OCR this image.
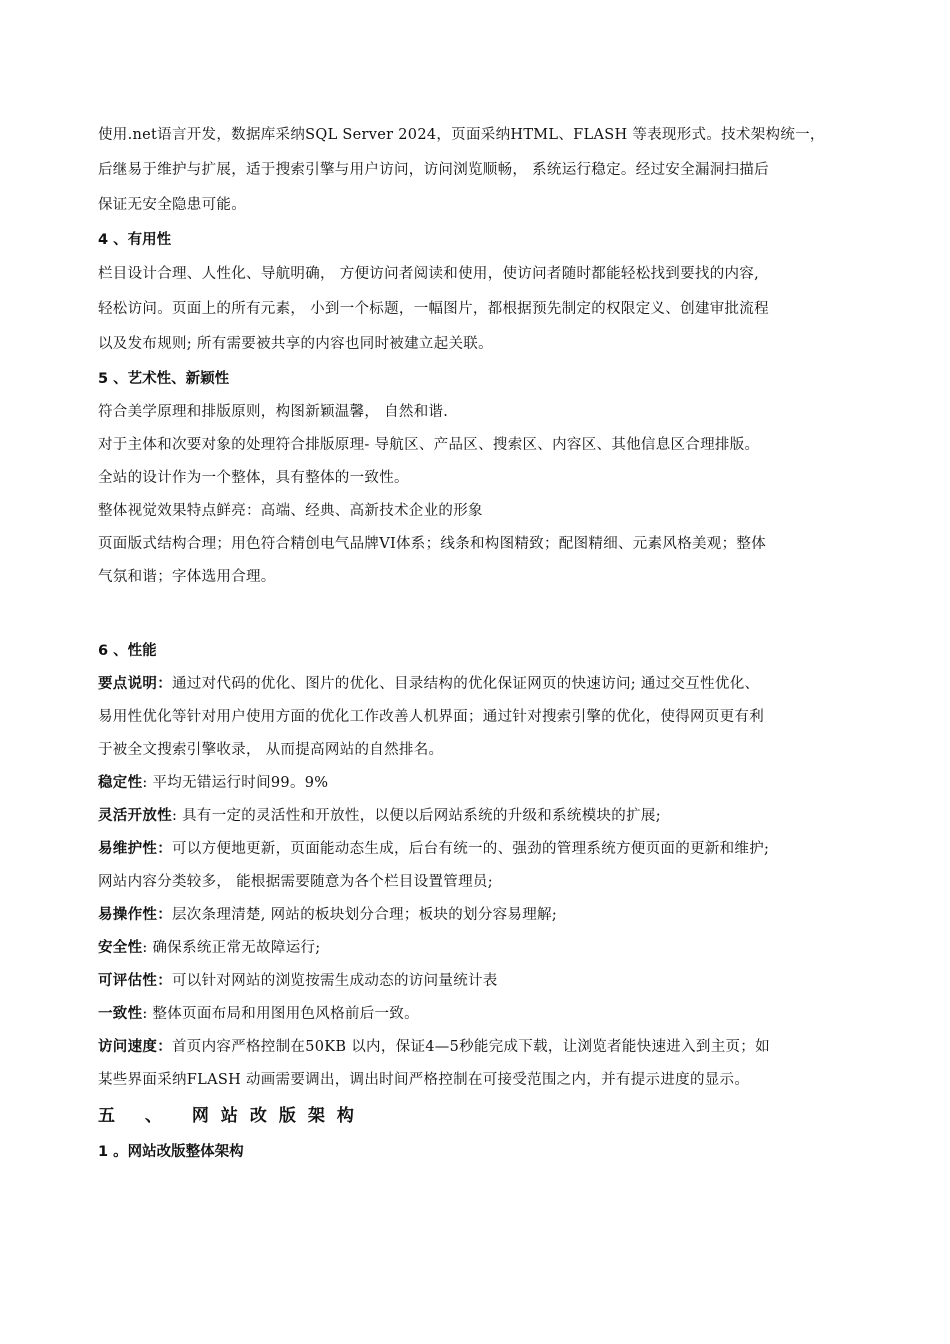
使用.net语言开发，数据库采纳SQL Server 2024，页面采纳HTML、FLASH 等表现形式。技术架构统一，
后继易于维护与扩展，适于搜索引擎与用户访问，访问浏览顺畅， 系统运行稳定。经过安全漏洞扫描后
保证无安全隐患可能。
4 、有用性
栏目设计合理、人性化、导航明确， 方便访问者阅读和使用，使访问者随时都能轻松找到要找的内容,
轻松访问。页面上的所有元素， 小到一个标题，一幅图片，都根据预先制定的权限定义、创建审批流程
以及发布规则; 所有需要被共享的内容也同时被建立起关联。
5 、艺术性、新颖性
符合美学原理和排版原则，构图新颖温馨， 自然和谐.
对于主体和次要对象的处理符合排版原理- 导航区、产品区、搜索区、内容区、其他信息区合理排版。
全站的设计作为一个整体，具有整体的一致性。
整体视觉效果特点鲜亮：高端、经典、高新技术企业的形象
页面版式结构合理；用色符合精创电气品牌VI体系；线条和构图精致；配图精细、元素风格美观；整体
气氛和谐；字体选用合理。
6 、性能
要点说明：通过对代码的优化、图片的优化、目录结构的优化保证网页的快速访问; 通过交互性优化、
易用性优化等针对用户使用方面的优化工作改善人机界面；通过针对搜索引擎的优化，使得网页更有利
于被全文搜索引擎收录， 从而提高网站的自然排名。
稳定性: 平均无错运行时间99。9%
灵活开放性: 具有一定的灵活性和开放性，以便以后网站系统的升级和系统模块的扩展;
易维护性：可以方便地更新，页面能动态生成，后台有统一的、强劲的管理系统方便页面的更新和维护;
网站内容分类较多， 能根据需要随意为各个栏目设置管理员;
易操作性：层次条理清楚, 网站的板块划分合理；板块的划分容易理解;
安全性: 确保系统正常无故障运行;
可评估性：可以针对网站的浏览按需生成动态的访问量统计表
一致性: 整体页面布局和用图用色风格前后一致。
访问速度：首页内容严格控制在50KB 以内，保证4—5秒能完成下载，让浏览者能快速进入到主页；如
某些界面采纳FLASH 动画需要调出，调出时间严格控制在可接受范围之内，并有提示进度的显示。
五 、 网站改版架构
1 。网站改版整体架构
